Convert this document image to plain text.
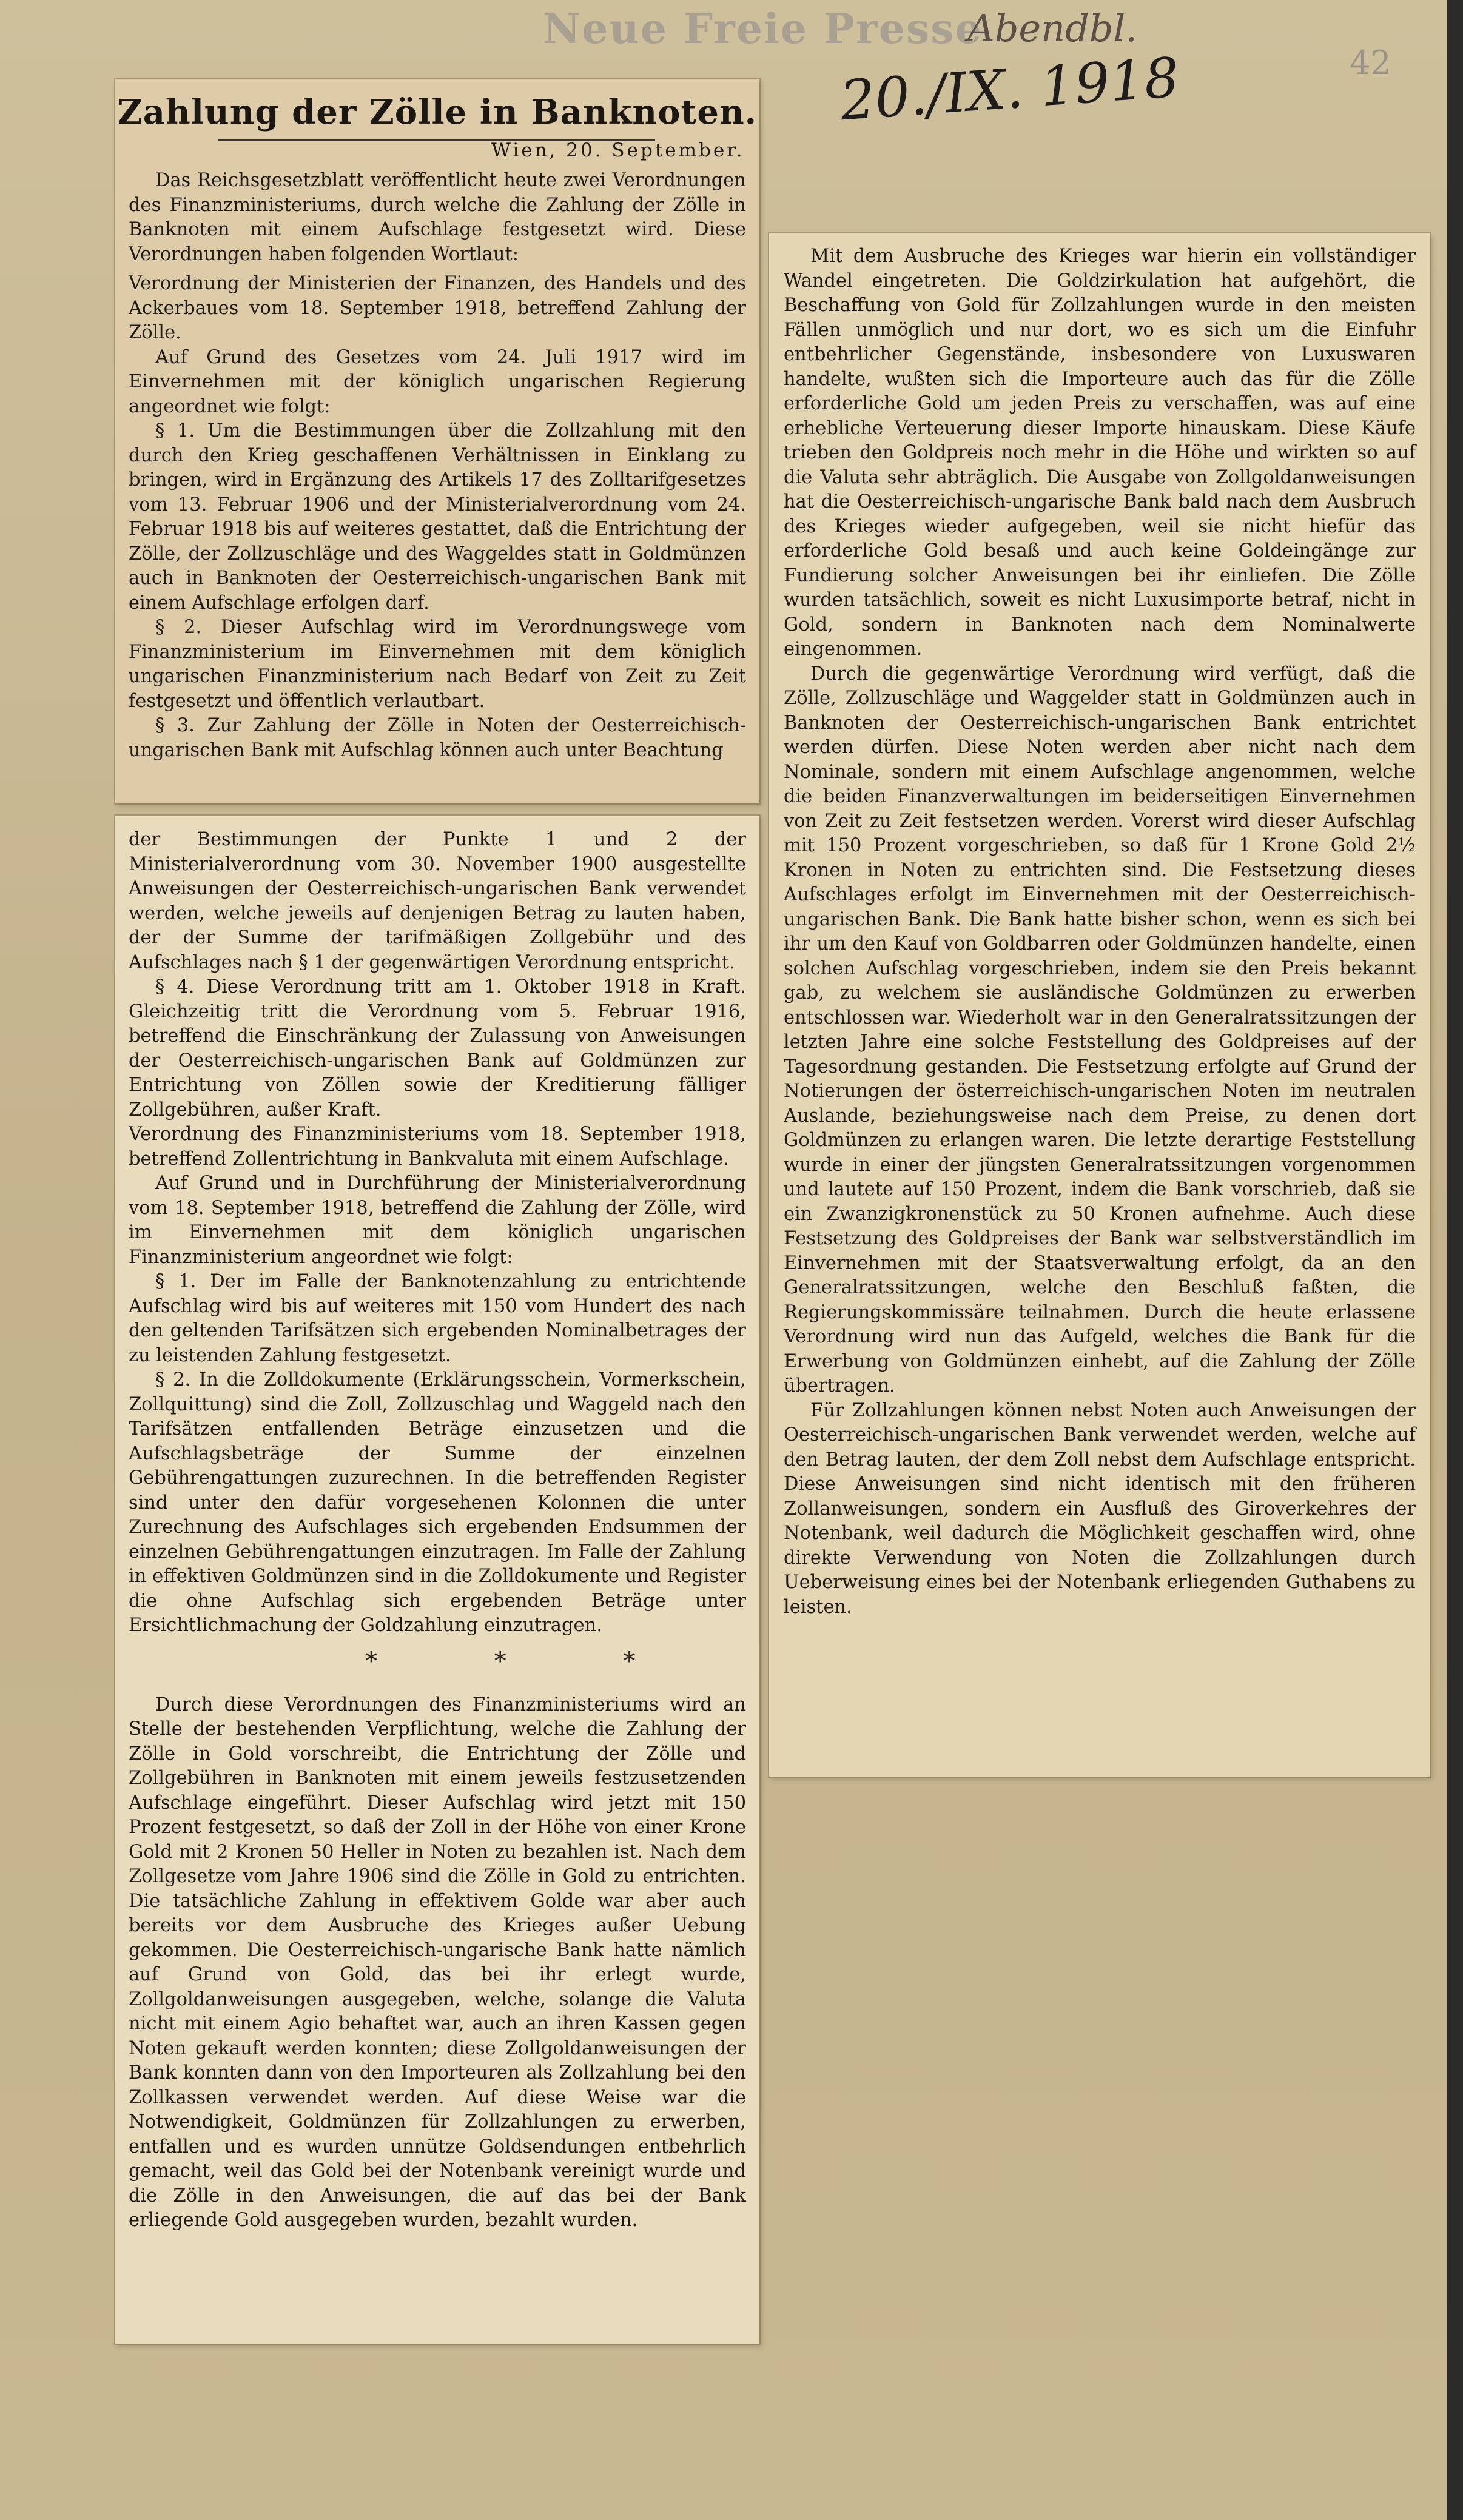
Neue Freie Presse
Abendbl.
20./IX. 1918	42
Zahlung der Zölle in Banknoten.
Wien, 20. September.

Das Reichsgesetzblatt veröffentlicht heute zwei Verordnungen des Finanzministeriums, durch welche die Zahlung der Zölle in Banknoten mit einem Aufschlage festgesetzt wird. Diese Verordnungen haben folgenden Wortlaut:

Verordnung der Ministerien der Finanzen, des Handels und des Ackerbaues vom 18. September 1918, betreffend Zahlung der Zölle.

Auf Grund des Gesetzes vom 24. Juli 1917 wird im Einvernehmen mit der königlich ungarischen Regierung angeordnet wie folgt:

§ 1. Um die Bestimmungen über die Zollzahlung mit den durch den Krieg geschaffenen Verhältnissen in Einklang zu bringen, wird in Ergänzung des Artikels 17 des Zolltarifgesetzes vom 13. Februar 1906 und der Ministerialverordnung vom 24. Februar 1918 bis auf weiteres gestattet, daß die Entrichtung der Zölle, der Zollzuschläge und des Waggeldes statt in Goldmünzen auch in Banknoten der Oesterreichisch-ungarischen Bank mit einem Aufschlage erfolgen darf.

§ 2. Dieser Aufschlag wird im Verordnungswege vom Finanzministerium im Einvernehmen mit dem königlich ungarischen Finanzministerium nach Bedarf von Zeit zu Zeit festgesetzt und öffentlich verlautbart.

§ 3. Zur Zahlung der Zölle in Noten der Oesterreichisch-ungarischen Bank mit Aufschlag können auch unter Beachtung

der Bestimmungen der Punkte 1 und 2 der Ministerialverordnung vom 30. November 1900 ausgestellte Anweisungen der Oesterreichisch-ungarischen Bank verwendet werden, welche jeweils auf denjenigen Betrag zu lauten haben, der der Summe der tarifmäßigen Zollgebühr und des Aufschlages nach § 1 der gegenwärtigen Verordnung entspricht.

§ 4. Diese Verordnung tritt am 1. Oktober 1918 in Kraft. Gleichzeitig tritt die Verordnung vom 5. Februar 1916, betreffend die Einschränkung der Zulassung von Anweisungen der Oesterreichisch-ungarischen Bank auf Goldmünzen zur Entrichtung von Zöllen sowie der Kreditierung fälliger Zollgebühren, außer Kraft.

Verordnung des Finanzministeriums vom 18. September 1918, betreffend Zollentrichtung in Bankvaluta mit einem Aufschlage.

Auf Grund und in Durchführung der Ministerialverordnung vom 18. September 1918, betreffend die Zahlung der Zölle, wird im Einvernehmen mit dem königlich ungarischen Finanzministerium angeordnet wie folgt:

§ 1. Der im Falle der Banknotenzahlung zu entrichtende Aufschlag wird bis auf weiteres mit 150 vom Hundert des nach den geltenden Tarifsätzen sich ergebenden Nominalbetrages der zu leistenden Zahlung festgesetzt.

§ 2. In die Zolldokumente (Erklärungsschein, Vormerkschein, Zollquittung) sind die Zoll, Zollzuschlag und Waggeld nach den Tarifsätzen entfallenden Beträge einzusetzen und die Aufschlagsbeträge der Summe der einzelnen Gebührengattungen zuzurechnen. In die betreffenden Register sind unter den dafür vorgesehenen Kolonnen die unter Zurechnung des Aufschlages sich ergebenden Endsummen der einzelnen Gebührengattungen einzutragen. Im Falle der Zahlung in effektiven Goldmünzen sind in die Zolldokumente und Register die ohne Aufschlag sich ergebenden Beträge unter Ersichtlichmachung der Goldzahlung einzutragen.

* * *

Durch diese Verordnungen des Finanzministeriums wird an Stelle der bestehenden Verpflichtung, welche die Zahlung der Zölle in Gold vorschreibt, die Entrichtung der Zölle und Zollgebühren in Banknoten mit einem jeweils festzusetzenden Aufschlage eingeführt. Dieser Aufschlag wird jetzt mit 150 Prozent festgesetzt, so daß der Zoll in der Höhe von einer Krone Gold mit 2 Kronen 50 Heller in Noten zu bezahlen ist. Nach dem Zollgesetze vom Jahre 1906 sind die Zölle in Gold zu entrichten. Die tatsächliche Zahlung in effektivem Golde war aber auch bereits vor dem Ausbruche des Krieges außer Uebung gekommen. Die Oesterreichisch-ungarische Bank hatte nämlich auf Grund von Gold, das bei ihr erlegt wurde, Zollgoldanweisungen ausgegeben, welche, solange die Valuta nicht mit einem Agio behaftet war, auch an ihren Kassen gegen Noten gekauft werden konnten; diese Zollgoldanweisungen der Bank konnten dann von den Importeuren als Zollzahlung bei den Zollkassen verwendet werden. Auf diese Weise war die Notwendigkeit, Goldmünzen für Zollzahlungen zu erwerben, entfallen und es wurden unnütze Goldsendungen entbehrlich gemacht, weil das Gold bei der Notenbank vereinigt wurde und die Zölle in den Anweisungen, die auf das bei der Bank erliegende Gold ausgegeben wurden, bezahlt wurden.

Mit dem Ausbruche des Krieges war hierin ein vollständiger Wandel eingetreten. Die Goldzirkulation hat aufgehört, die Beschaffung von Gold für Zollzahlungen wurde in den meisten Fällen unmöglich und nur dort, wo es sich um die Einfuhr entbehrlicher Gegenstände, insbesondere von Luxuswaren handelte, wußten sich die Importeure auch das für die Zölle erforderliche Gold um jeden Preis zu verschaffen, was auf eine erhebliche Verteuerung dieser Importe hinauskam. Diese Käufe trieben den Goldpreis noch mehr in die Höhe und wirkten so auf die Valuta sehr abträglich. Die Ausgabe von Zollgoldanweisungen hat die Oesterreichisch-ungarische Bank bald nach dem Ausbruch des Krieges wieder aufgegeben, weil sie nicht hiefür das erforderliche Gold besaß und auch keine Goldeingänge zur Fundierung solcher Anweisungen bei ihr einliefen. Die Zölle wurden tatsächlich, soweit es nicht Luxusimporte betraf, nicht in Gold, sondern in Banknoten nach dem Nominalwerte eingenommen.

Durch die gegenwärtige Verordnung wird verfügt, daß die Zölle, Zollzuschläge und Waggelder statt in Goldmünzen auch in Banknoten der Oesterreichisch-ungarischen Bank entrichtet werden dürfen. Diese Noten werden aber nicht nach dem Nominale, sondern mit einem Aufschlage angenommen, welche die beiden Finanzverwaltungen im beiderseitigen Einvernehmen von Zeit zu Zeit festsetzen werden. Vorerst wird dieser Aufschlag mit 150 Prozent vorgeschrieben, so daß für 1 Krone Gold 2½ Kronen in Noten zu entrichten sind. Die Festsetzung dieses Aufschlages erfolgt im Einvernehmen mit der Oesterreichisch-ungarischen Bank. Die Bank hatte bisher schon, wenn es sich bei ihr um den Kauf von Goldbarren oder Goldmünzen handelte, einen solchen Aufschlag vorgeschrieben, indem sie den Preis bekannt gab, zu welchem sie ausländische Goldmünzen zu erwerben entschlossen war. Wiederholt war in den Generalratssitzungen der letzten Jahre eine solche Feststellung des Goldpreises auf der Tagesordnung gestanden. Die Festsetzung erfolgte auf Grund der Notierungen der österreichisch-ungarischen Noten im neutralen Auslande, beziehungsweise nach dem Preise, zu denen dort Goldmünzen zu erlangen waren. Die letzte derartige Feststellung wurde in einer der jüngsten Generalratssitzungen vorgenommen und lautete auf 150 Prozent, indem die Bank vorschrieb, daß sie ein Zwanzigkronenstück zu 50 Kronen aufnehme. Auch diese Festsetzung des Goldpreises der Bank war selbstverständlich im Einvernehmen mit der Staatsverwaltung erfolgt, da an den Generalratssitzungen, welche den Beschluß faßten, die Regierungskommissäre teilnahmen. Durch die heute erlassene Verordnung wird nun das Aufgeld, welches die Bank für die Erwerbung von Goldmünzen einhebt, auf die Zahlung der Zölle übertragen.

Für Zollzahlungen können nebst Noten auch Anweisungen der Oesterreichisch-ungarischen Bank verwendet werden, welche auf den Betrag lauten, der dem Zoll nebst dem Aufschlage entspricht. Diese Anweisungen sind nicht identisch mit den früheren Zollanweisungen, sondern ein Ausfluß des Giroverkehres der Notenbank, weil dadurch die Möglichkeit geschaffen wird, ohne direkte Verwendung von Noten die Zollzahlungen durch Ueberweisung eines bei der Notenbank erliegenden Guthabens zu leisten.
